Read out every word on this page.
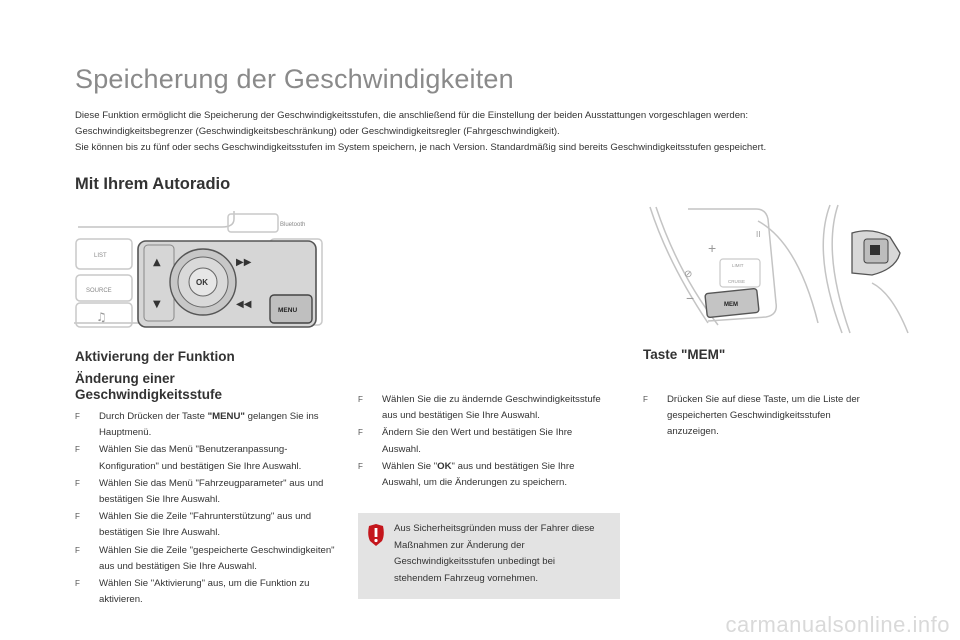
Speicherung der Geschwindigkeiten

Diese Funktion ermöglicht die Speicherung der Geschwindigkeitsstufen, die anschließend für die Einstellung der beiden Ausstattungen vorgeschlagen werden:

Geschwindigkeitsbegrenzer (Geschwindigkeitsbeschränkung) oder Geschwindigkeitsregler (Fahrgeschwindigkeit).

Sie können bis zu fünf oder sechs Geschwindigkeitsstufen im System speichern, je nach Version. Standardmäßig sind bereits Geschwindigkeitsstufen gespeichert.

Mit Ihrem Autoradio
LIST
SOURCE
♫
Bluetooth
▲
▼
▶▶
◀◀
OK
MENU
II
+
⊘
−
LIMIT
CRUISE
MEM
Aktivierung der Funktion
Änderung einer Geschwindigkeitsstufe
Taste "MEM"
F Durch Drücken der Taste "MENU" gelangen Sie ins Hauptmenü.
F Wählen Sie das Menü "Benutzeranpassung-Konfiguration" und bestätigen Sie Ihre Auswahl.
F Wählen Sie das Menü "Fahrzeugparameter" aus und bestätigen Sie Ihre Auswahl.
F Wählen Sie die Zeile "Fahrunterstützung" aus und bestätigen Sie Ihre Auswahl.
F Wählen Sie die Zeile "gespeicherte Geschwindigkeiten" aus und bestätigen Sie Ihre Auswahl.
F Wählen Sie "Aktivierung" aus, um die Funktion zu aktivieren.
F Wählen Sie die zu ändernde Geschwindigkeitsstufe aus und bestätigen Sie Ihre Auswahl.
F Ändern Sie den Wert und bestätigen Sie Ihre Auswahl.
F Wählen Sie "OK" aus und bestätigen Sie Ihre Auswahl, um die Änderungen zu speichern.
Aus Sicherheitsgründen muss der Fahrer diese Maßnahmen zur Änderung der Geschwindigkeitsstufen unbedingt bei stehendem Fahrzeug vornehmen.
F Drücken Sie auf diese Taste, um die Liste der gespeicherten Geschwindigkeitsstufen anzuzeigen.
carmanualsonline.info
